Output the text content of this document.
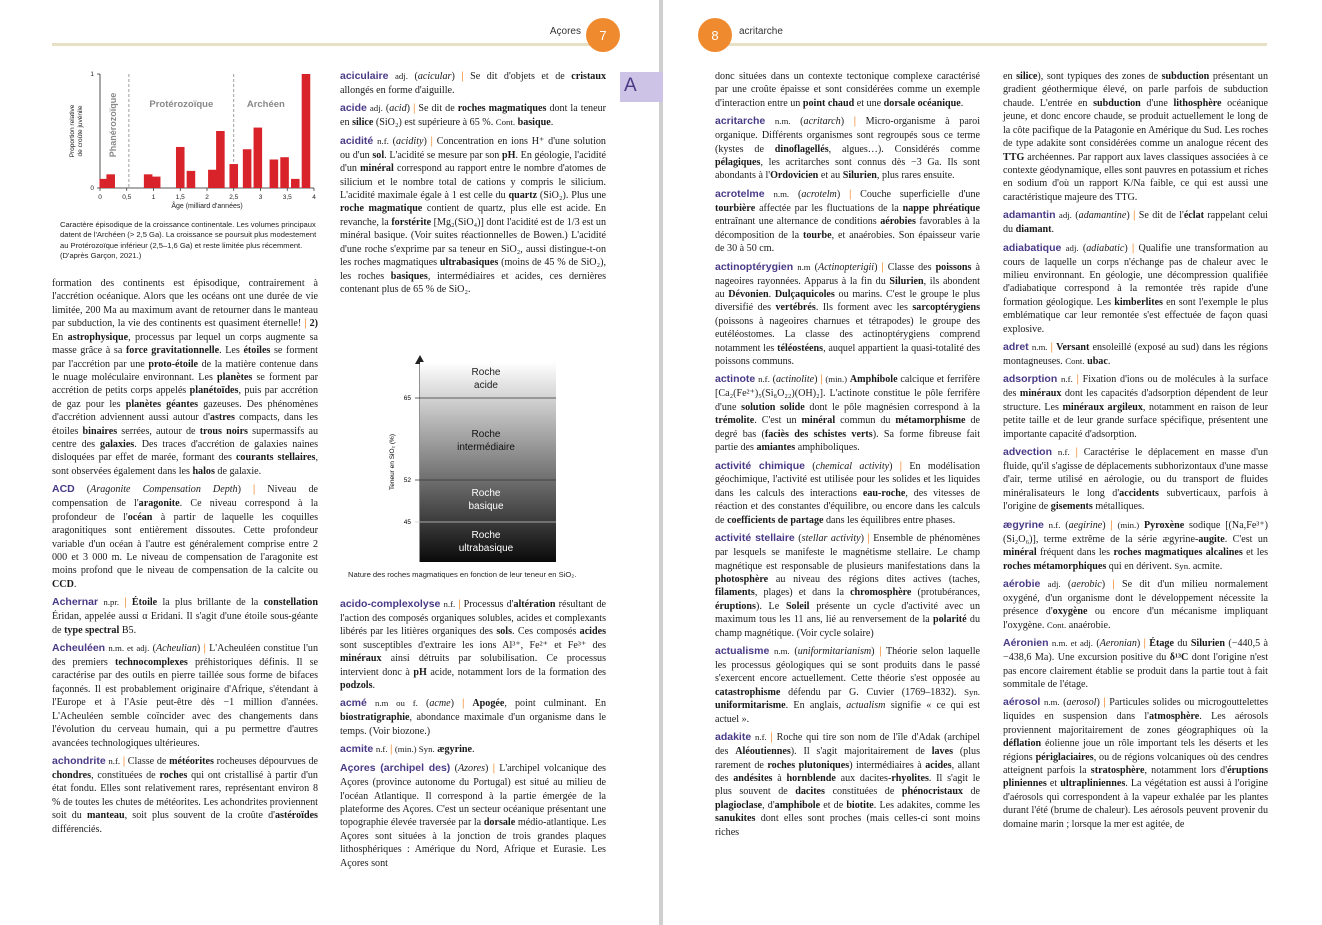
Açores	7
0	0,5	1	1,5	2	2,5	3	3,5	4
0
1
Âge (milliard d'années)
Proportion relativede croûte juvénile	Phanérozoïque	Protérozoïque	Archéen
Caractère épisodique de la croissance continentale. Les volumes principaux datent de l'Archéen (> 2,5 Ga). La croissance se poursuit plus modestement au Protérozoïque inférieur (2,5–1,6 Ga) et reste limitée plus récemment. (D'après Garçon, 2021.)

formation des continents est épisodique, contrairement à l'accrétion océanique. Alors que les océans ont une durée de vie limitée, 200 Ma au maximum avant de retourner dans le manteau par subduction, la vie des continents est quasiment éternelle! | 2) En astrophysique, processus par lequel un corps augmente sa masse grâce à sa force gravitationnelle. Les étoiles se forment par l'accrétion par une proto-étoile de la matière contenue dans le nuage moléculaire environnant. Les planètes se forment par accrétion de petits corps appelés planétoïdes, puis par accrétion de gaz pour les planètes géantes gazeuses. Des phénomènes d'accrétion adviennent aussi autour d'astres compacts, dans les étoiles binaires serrées, autour de trous noirs supermassifs au centre des galaxies. Des traces d'accrétion de galaxies naines disloquées par effet de marée, formant des courants stellaires, sont observées également dans les halos de galaxie.

ACD (Aragonite Compensation Depth) | Niveau de compensation de l'aragonite. Ce niveau correspond à la profondeur de l'océan à partir de laquelle les coquilles aragonitiques sont entièrement dissoutes. Cette profondeur variable d'un océan à l'autre est généralement comprise entre 2 000 et 3 000 m. Le niveau de compensation de l'aragonite est moins profond que le niveau de compensation de la calcite ou CCD.

Achernar n.pr. | Étoile la plus brillante de la constellation Éridan, appelée aussi α Eridani. Il s'agit d'une étoile sous-géante de type spectral B5.

Acheuléen n.m. et adj. (Acheulian) | L'Acheuléen constitue l'un des premiers technocomplexes préhistoriques définis. Il se caractérise par des outils en pierre taillée sous forme de bifaces façonnés. Il est probablement originaire d'Afrique, s'étendant à l'Europe et à l'Asie peut-être dès −1 million d'années. L'Acheuléen semble coïncider avec des changements dans l'évolution du cerveau humain, qui a pu permettre d'autres avancées technologiques ultérieures.

achondrite n.f. | Classe de météorites rocheuses dépourvues de chondres, constituées de roches qui ont cristallisé à partir d'un état fondu. Elles sont relativement rares, représentant environ 8 % de toutes les chutes de météorites. Les achondrites proviennent soit du manteau, soit plus souvent de la croûte d'astéroïdes différenciés.

aciculaire adj. (acicular) | Se dit d'objets et de cristaux allongés en forme d'aiguille.

acide adj. (acid) | Se dit de roches magmatiques dont la teneur en silice (SiO₂) est supérieure à 65 %. Cont. basique.

acidité n.f. (acidity) | Concentration en ions H⁺ d'une solution ou d'un sol. L'acidité se mesure par son pH. En géologie, l'acidité d'un minéral correspond au rapport entre le nombre d'atomes de silicium et le nombre total de cations y compris le silicium. L'acidité maximale égale à 1 est celle du quartz (SiO₂). Plus une roche magmatique contient de quartz, plus elle est acide. En revanche, la forstérite [Mg₂(SiO₄)] dont l'acidité est de 1/3 est un minéral basique. (Voir suites réactionnelles de Bowen.) L'acidité d'une roche s'exprime par sa teneur en SiO₂, aussi distingue-t-on les roches magmatiques ultrabasiques (moins de 45 % de SiO₂), les roches basiques, intermédiaires et acides, ces dernières contenant plus de 65 % de SiO₂.

65
52
45
Teneur en SiO₂ (%)
Roche acide
Roche intermédiaire
Roche basique
Roche ultrabasique
Nature des roches magmatiques en fonction de leur teneur en SiO₂.

acido-complexolyse n.f. | Processus d'altération résultant de l'action des composés organiques solubles, acides et complexants libérés par les litières organiques des sols. Ces composés acides sont susceptibles d'extraire les ions Al³⁺, Fe²⁺ et Fe³⁺ des minéraux ainsi détruits par solubilisation. Ce processus intervient donc à pH acide, notamment lors de la formation des podzols.

acmé n.m ou f. (acme) | Apogée, point culminant. En biostratigraphie, abondance maximale d'un organisme dans le temps. (Voir biozone.)

acmite n.f. | (min.) Syn. ægyrine.

Açores (archipel des) (Azores) | L'archipel volcanique des Açores (province autonome du Portugal) est situé au milieu de l'océan Atlantique. Il correspond à la partie émergée de la plateforme des Açores. C'est un secteur océanique présentant une topographie élevée traversée par la dorsale médio-atlantique. Les Açores sont situées à la jonction de trois grandes plaques lithosphériques : Amérique du Nord, Afrique et Eurasie. Les Açores sont

A
8	acritarche

donc situées dans un contexte tectonique complexe caractérisé par une croûte épaisse et sont considérées comme un exemple d'interaction entre un point chaud et une dorsale océanique.

acritarche n.m. (acritarch) | Micro-organisme à paroi organique. Différents organismes sont regroupés sous ce terme (kystes de dinoflagellés, algues…). Considérés comme pélagiques, les acritarches sont connus dès −3 Ga. Ils sont abondants à l'Ordovicien et au Silurien, plus rares ensuite.

acrotelme n.m. (acrotelm) | Couche superficielle d'une tourbière affectée par les fluctuations de la nappe phréatique entraînant une alternance de conditions aérobies favorables à la décomposition de la tourbe, et anaérobies. Son épaisseur varie de 30 à 50 cm.

actinoptérygien n.m (Actinopterigii) | Classe des poissons à nageoires rayonnées. Apparus à la fin du Silurien, ils abondent au Dévonien. Dulçaquicoles ou marins. C'est le groupe le plus diversifié des vertébrés. Ils forment avec les sarcoptérygiens (poissons à nageoires charnues et tétrapodes) le groupe des eutéléostomes. La classe des actinoptérygiens comprend notamment les téléostéens, auquel appartient la quasi-totalité des poissons communs.

actinote n.f. (actinolite) | (min.) Amphibole calcique et ferrifère [Ca₂(Fe²⁺)₅(Si₈O₂₂)(OH)₂]. L'actinote constitue le pôle ferrifère d'une solution solide dont le pôle magnésien correspond à la trémolite. C'est un minéral commun du métamorphisme de degré bas (faciès des schistes verts). Sa forme fibreuse fait partie des amiantes amphiboliques.

activité chimique (chemical activity) | En modélisation géochimique, l'activité est utilisée pour les solides et les liquides dans les calculs des interactions eau-roche, des vitesses de réaction et des constantes d'équilibre, ou encore dans les calculs de coefficients de partage dans les équilibres entre phases.

activité stellaire (stellar activity) | Ensemble de phénomènes par lesquels se manifeste le magnétisme stellaire. Le champ magnétique est responsable de plusieurs manifestations dans la photosphère au niveau des régions dites actives (taches, filaments, plages) et dans la chromosphère (protubérances, éruptions). Le Soleil présente un cycle d'activité avec un maximum tous les 11 ans, lié au renversement de la polarité du champ magnétique. (Voir cycle solaire)

actualisme n.m. (uniformitarianism) | Théorie selon laquelle les processus géologiques qui se sont produits dans le passé s'exercent encore actuellement. Cette théorie s'est opposée au catastrophisme défendu par G. Cuvier (1769–1832). Syn. uniformitarisme. En anglais, actualism signifie « ce qui est actuel ».

adakite n.f. | Roche qui tire son nom de l'île d'Adak (archipel des Aléoutiennes). Il s'agit majoritairement de laves (plus rarement de roches plutoniques) intermédiaires à acides, allant des andésites à hornblende aux dacites-rhyolites. Il s'agit le plus souvent de dacites constituées de phénocristaux de plagioclase, d'amphibole et de biotite. Les adakites, comme les sanukites dont elles sont proches (mais celles-ci sont moins riches

en silice), sont typiques des zones de subduction présentant un gradient géothermique élevé, on parle parfois de subduction chaude. L'entrée en subduction d'une lithosphère océanique jeune, et donc encore chaude, se produit actuellement le long de la côte pacifique de la Patagonie en Amérique du Sud. Les roches de type adakite sont considérées comme un analogue récent des TTG archéennes. Par rapport aux laves classiques associées à ce contexte géodynamique, elles sont pauvres en potassium et riches en sodium d'où un rapport K/Na faible, ce qui est aussi une caractéristique majeure des TTG.

adamantin adj. (adamantine) | Se dit de l'éclat rappelant celui du diamant.

adiabatique adj. (adiabatic) | Qualifie une transformation au cours de laquelle un corps n'échange pas de chaleur avec le milieu environnant. En géologie, une décompression qualifiée d'adiabatique correspond à la remontée très rapide d'une formation géologique. Les kimberlites en sont l'exemple le plus emblématique car leur remontée s'est effectuée de façon quasi explosive.

adret n.m. | Versant ensoleillé (exposé au sud) dans les régions montagneuses. Cont. ubac.

adsorption n.f. | Fixation d'ions ou de molécules à la surface des minéraux dont les capacités d'adsorption dépendent de leur structure. Les minéraux argileux, notamment en raison de leur petite taille et de leur grande surface spécifique, présentent une importante capacité d'adsorption.

advection n.f. | Caractérise le déplacement en masse d'un fluide, qu'il s'agisse de déplacements subhorizontaux d'une masse d'air, terme utilisé en aérologie, ou du transport de fluides minéralisateurs le long d'accidents subverticaux, parfois à l'origine de gisements métalliques.

ægyrine n.f. (aegirine) | (min.) Pyroxène sodique [(Na,Fe³⁺)(Si₂O₆)], terme extrême de la série ægyrine-augite. C'est un minéral fréquent dans les roches magmatiques alcalines et les roches métamorphiques qui en dérivent. Syn. acmite.

aérobie adj. (aerobic) | Se dit d'un milieu normalement oxygéné, d'un organisme dont le développement nécessite la présence d'oxygène ou encore d'un mécanisme impliquant l'oxygène. Cont. anaérobie.

Aéronien n.m. et adj. (Aeronian) | Étage du Silurien (−440,5 à −438,6 Ma). Une excursion positive du δ¹³C dont l'origine n'est pas encore clairement établie se produit dans la partie tout à fait sommitale de l'étage.

aérosol n.m. (aerosol) | Particules solides ou microgouttelettes liquides en suspension dans l'atmosphère. Les aérosols proviennent majoritairement de zones géographiques où la déflation éolienne joue un rôle important tels les déserts et les régions périglaciaires, ou de régions volcaniques où des cendres atteignent parfois la stratosphère, notamment lors d'éruptions pliniennes et ultrapliniennes. La végétation est aussi à l'origine d'aérosols qui correspondent à la vapeur exhalée par les plantes durant l'été (brume de chaleur). Les aérosols peuvent provenir du domaine marin ; lorsque la mer est agitée, de
